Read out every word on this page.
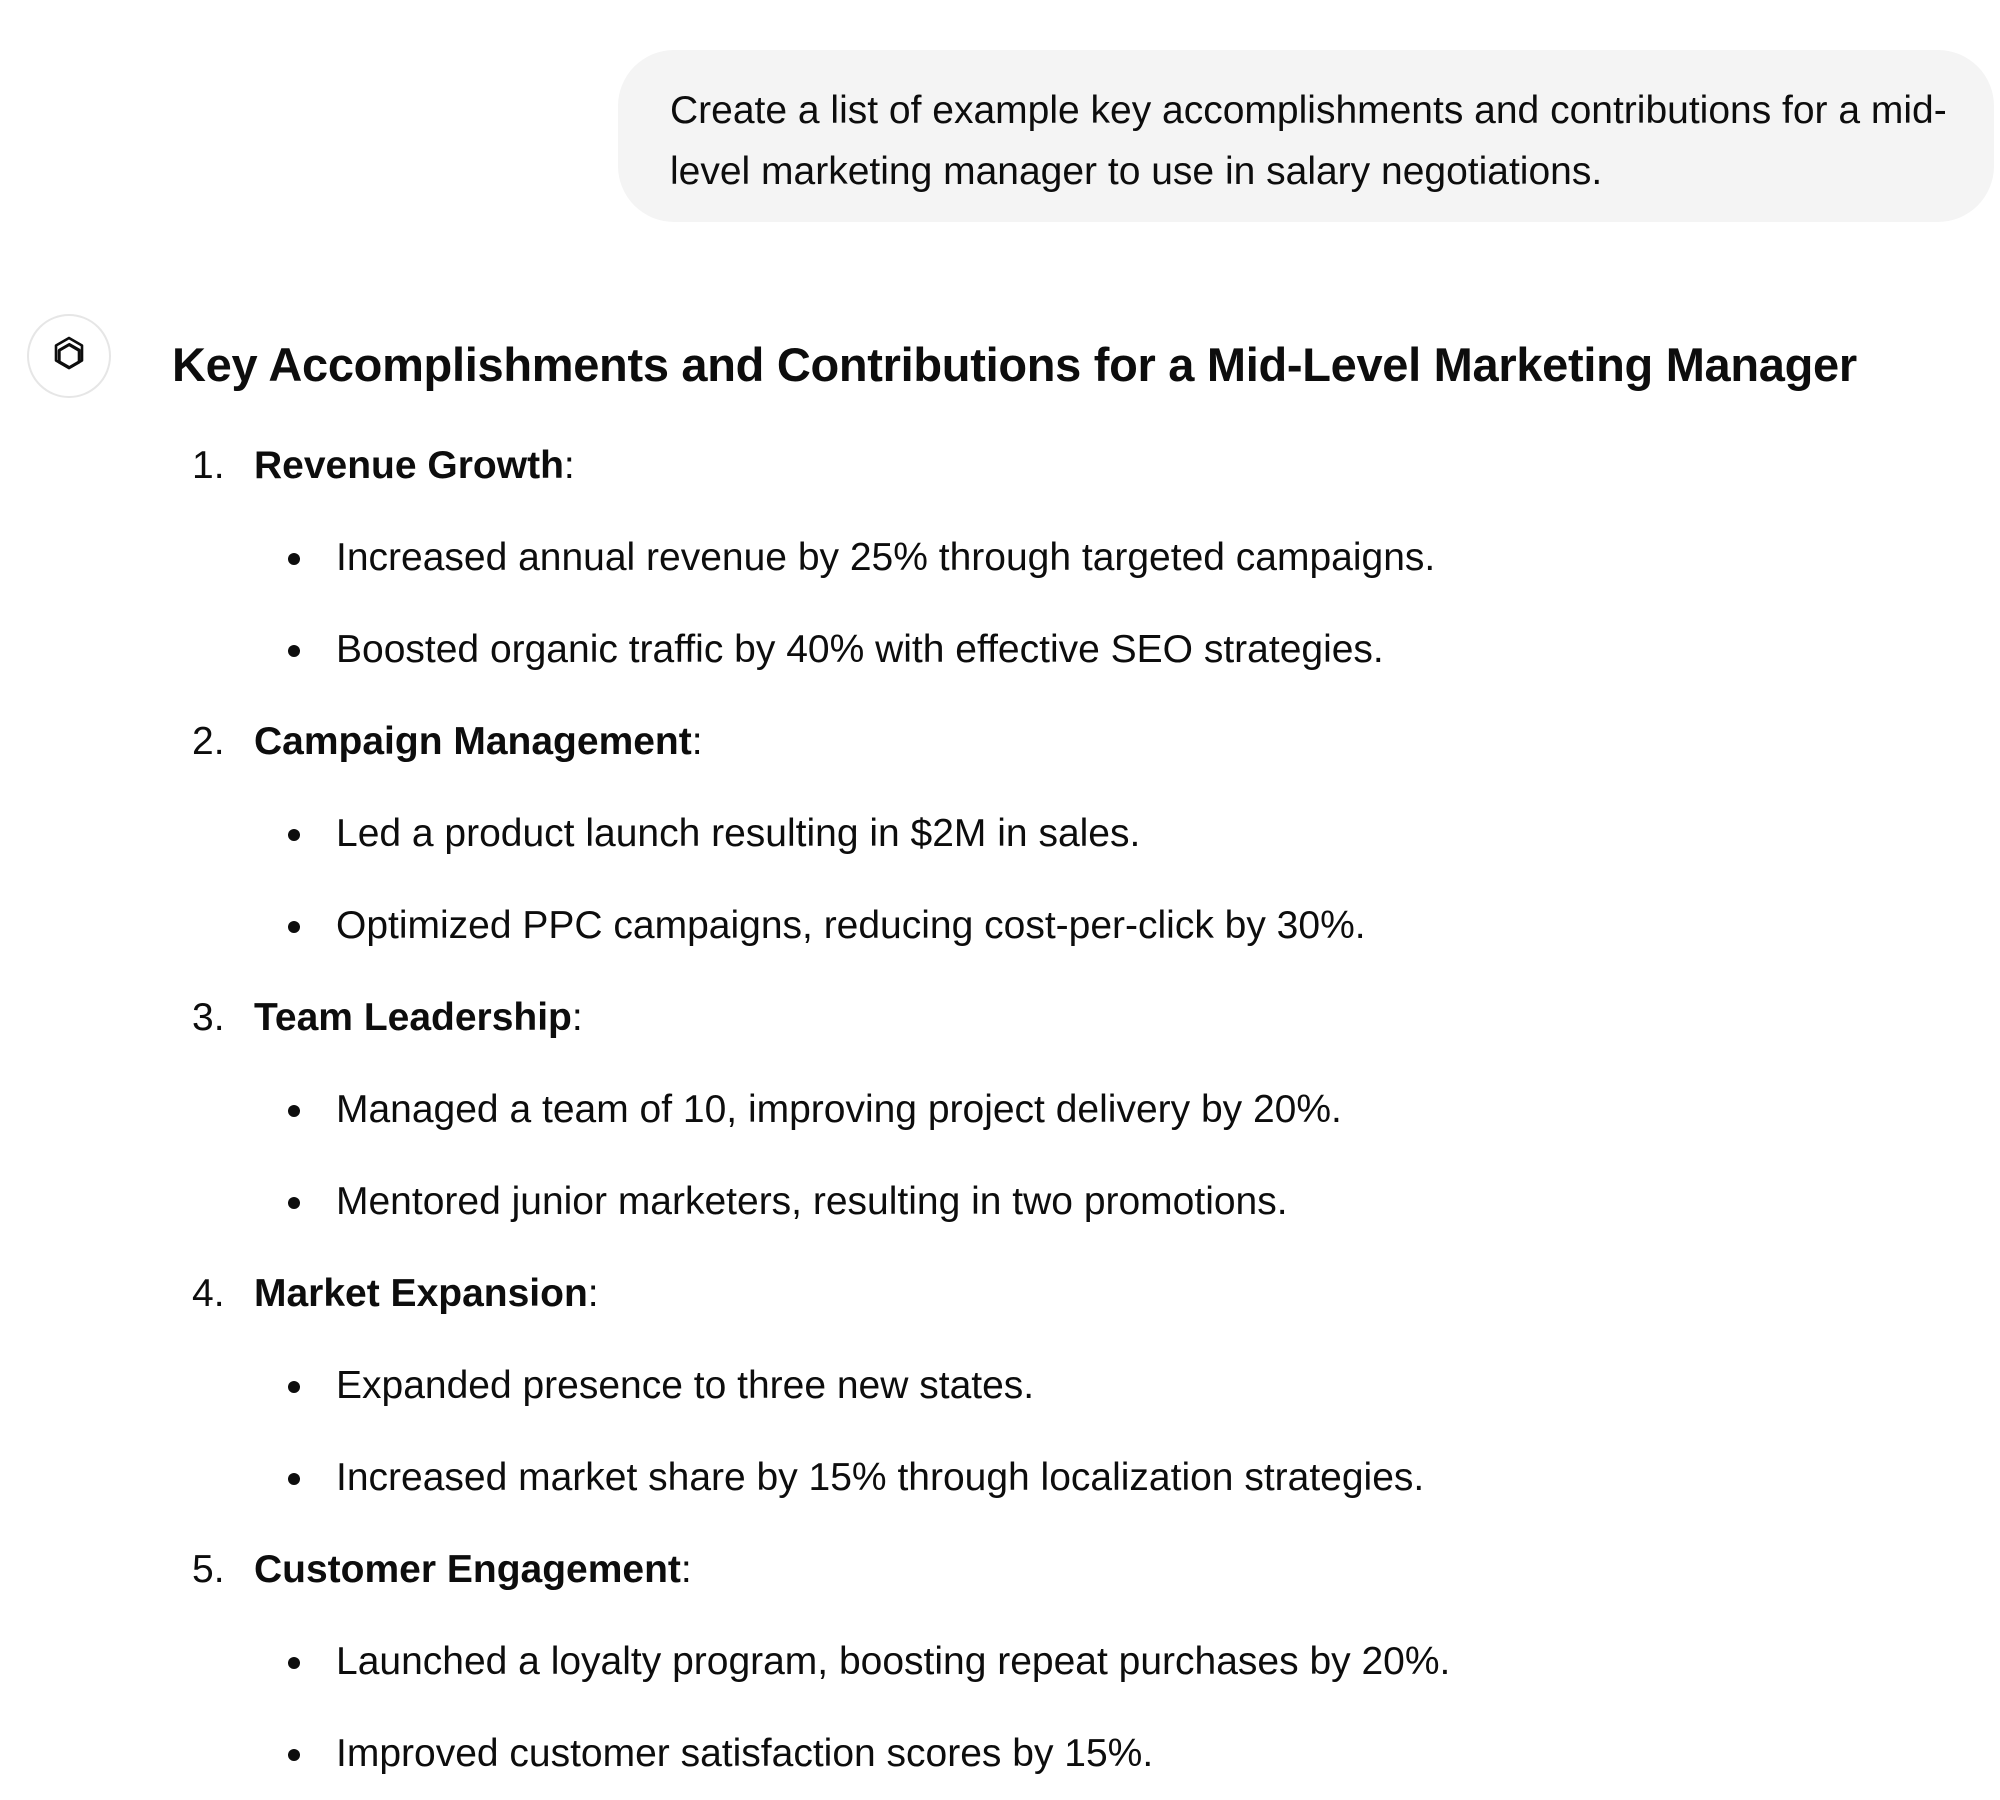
Create a list of example key accomplishments and contributions for a mid-level marketing manager to use in salary negotiations.
Key Accomplishments and Contributions for a Mid-Level Marketing Manager
1. Revenue Growth:
Increased annual revenue by 25% through targeted campaigns.
Boosted organic traffic by 40% with effective SEO strategies.
2. Campaign Management:
Led a product launch resulting in $2M in sales.
Optimized PPC campaigns, reducing cost-per-click by 30%.
3. Team Leadership:
Managed a team of 10, improving project delivery by 20%.
Mentored junior marketers, resulting in two promotions.
4. Market Expansion:
Expanded presence to three new states.
Increased market share by 15% through localization strategies.
5. Customer Engagement:
Launched a loyalty program, boosting repeat purchases by 20%.
Improved customer satisfaction scores by 15%.
